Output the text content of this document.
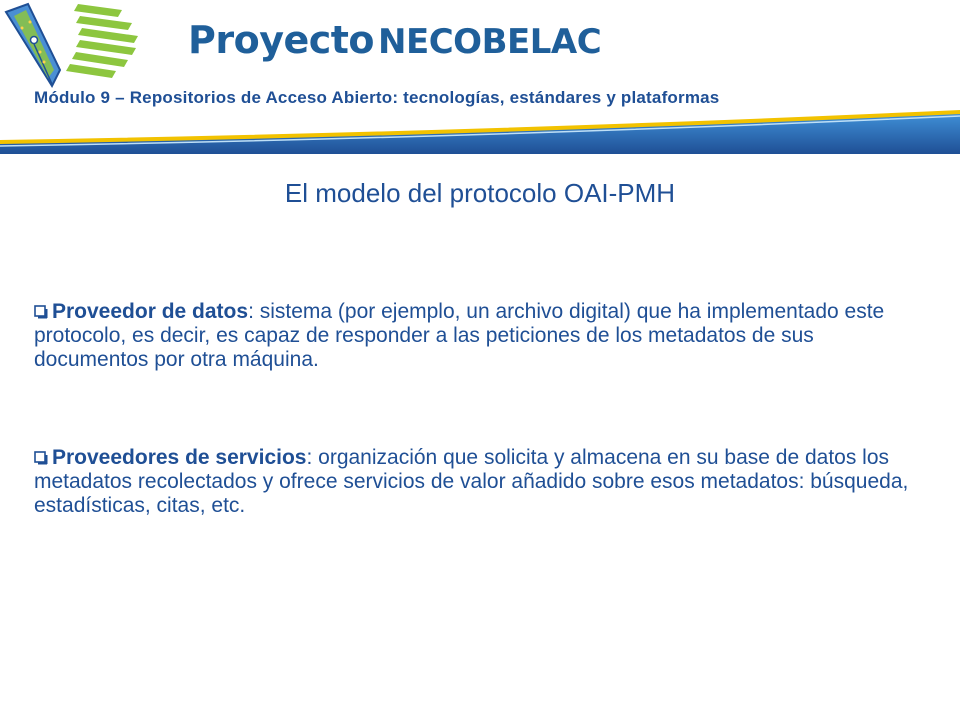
Proyecto NECOBELAC
Módulo 9 – Repositorios de Acceso Abierto: tecnologías, estándares y plataformas
El modelo del protocolo OAI-PMH
Proveedor de datos: sistema (por ejemplo, un archivo digital) que ha implementado este protocolo, es decir, es capaz de responder a las peticiones de los metadatos de sus documentos por otra máquina.
Proveedores de servicios: organización que solicita y almacena en su base de datos los metadatos recolectados y ofrece servicios de valor añadido sobre esos metadatos: búsqueda, estadísticas, citas, etc.
